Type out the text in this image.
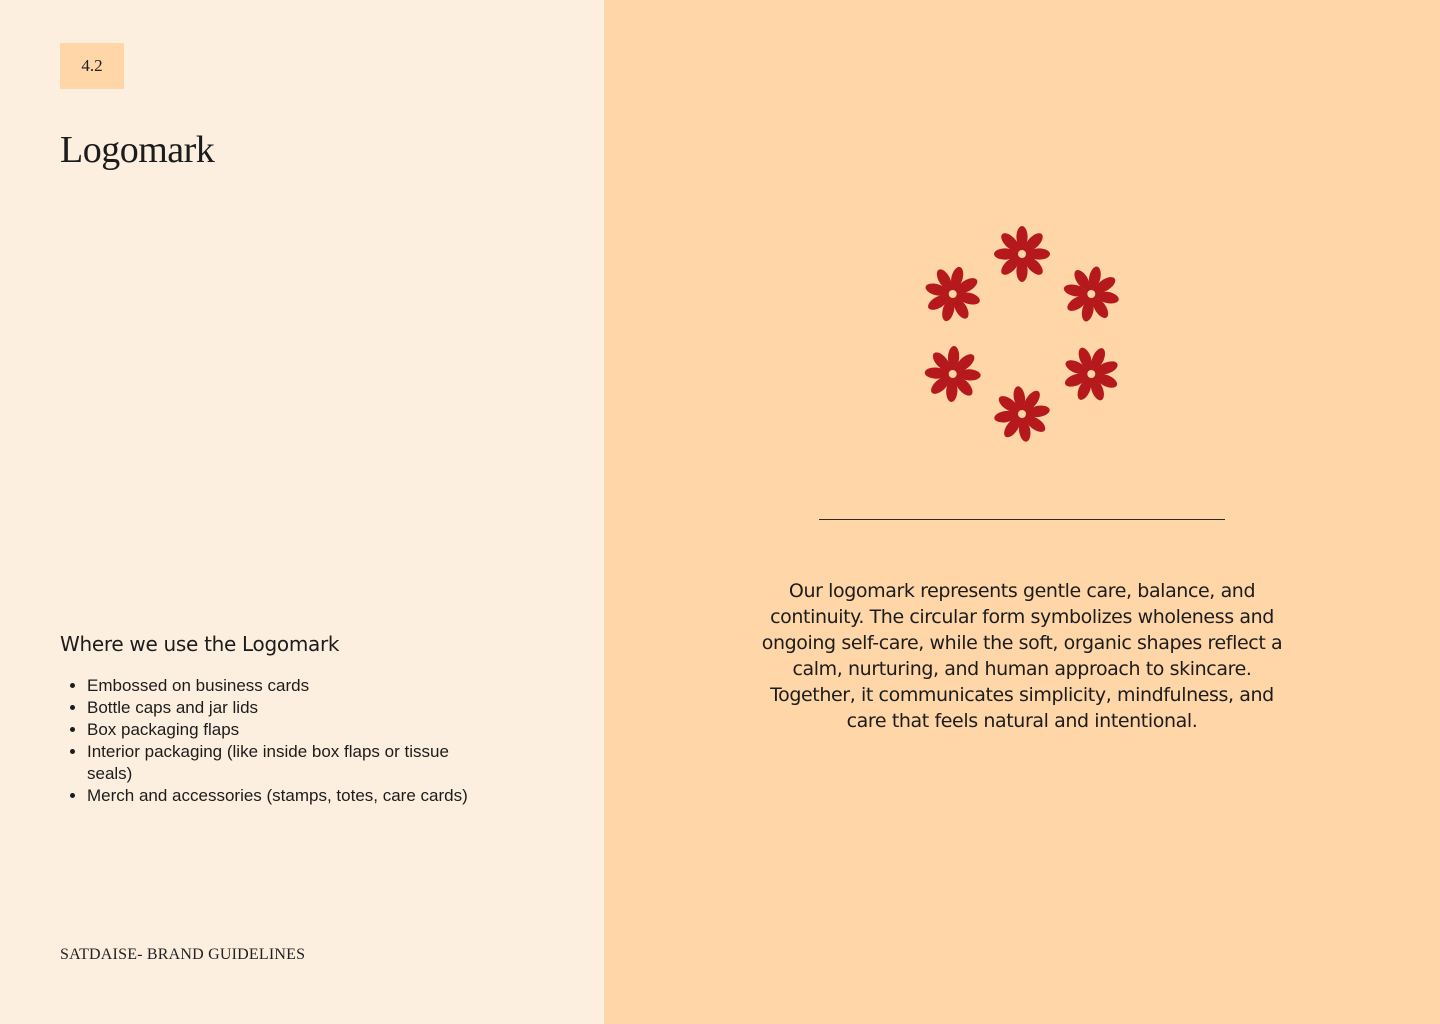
4.2
Logomark
Where we use the Logomark
• Embossed on business cards
• Bottle caps and jar lids
• Box packaging flaps
• Interior packaging (like inside box flaps or tissue seals)
• Merch and accessories (stamps, totes, care cards)
SATDAISE- BRAND GUIDELINES

Our logomark represents gentle care, balance, and continuity. The circular form symbolizes wholeness and ongoing self-care, while the soft, organic shapes reflect a calm, nurturing, and human approach to skincare. Together, it communicates simplicity, mindfulness, and care that feels natural and intentional.
